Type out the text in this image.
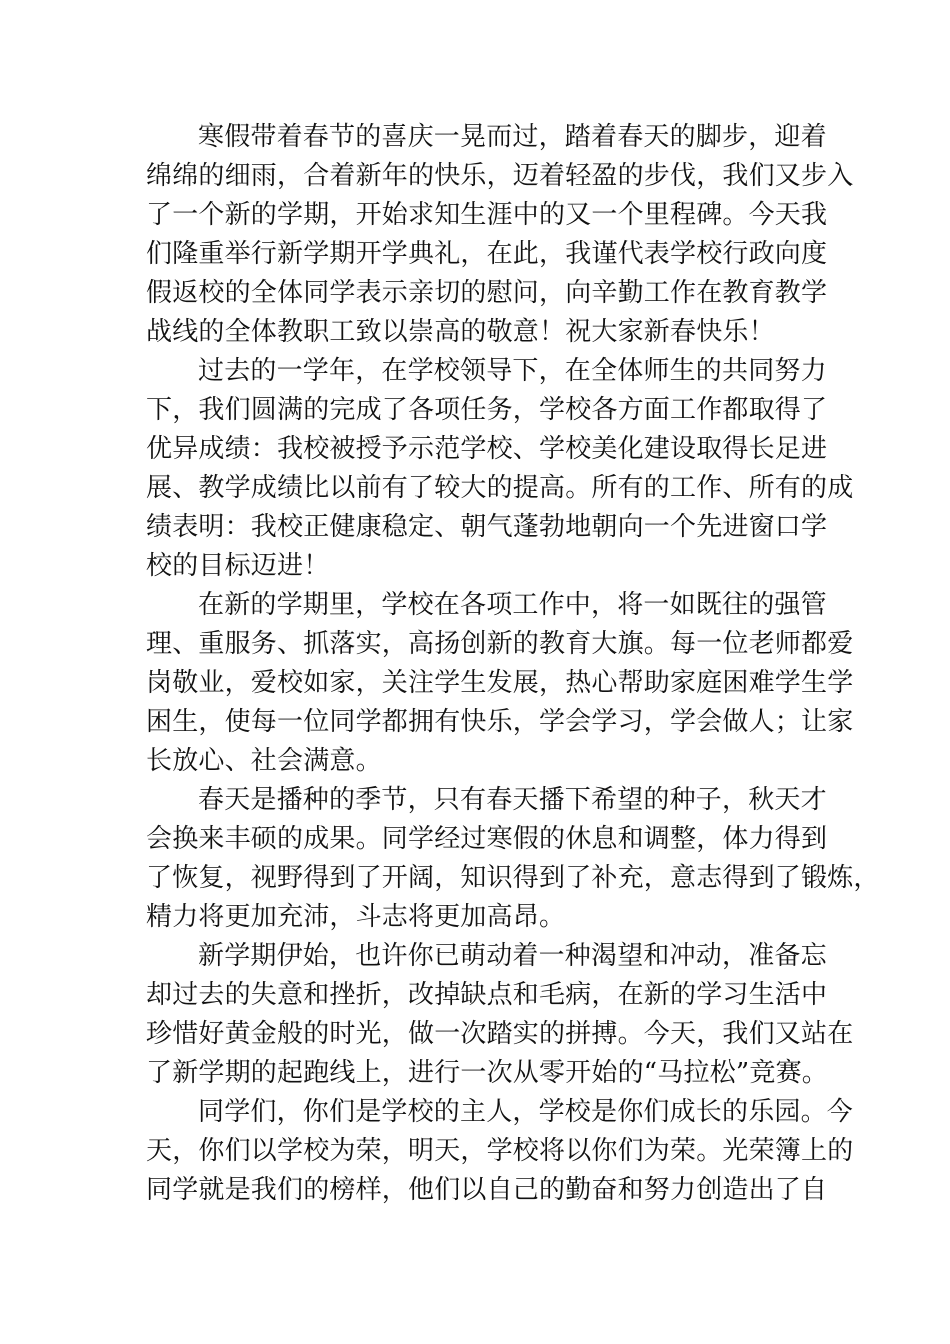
寒假带着春节的喜庆一晃而过，踏着春天的脚步，迎着
绵绵的细雨，合着新年的快乐，迈着轻盈的步伐，我们又步入
了一个新的学期，开始求知生涯中的又一个里程碑。今天我
们隆重举行新学期开学典礼，在此，我谨代表学校行政向度
假返校的全体同学表示亲切的慰问，向辛勤工作在教育教学
战线的全体教职工致以崇高的敬意！祝大家新春快乐！

过去的一学年，在学校领导下，在全体师生的共同努力
下，我们圆满的完成了各项任务，学校各方面工作都取得了
优异成绩：我校被授予示范学校、学校美化建设取得长足进
展、教学成绩比以前有了较大的提高。所有的工作、所有的成
绩表明：我校正健康稳定、朝气蓬勃地朝向一个先进窗口学
校的目标迈进！

在新的学期里，学校在各项工作中，将一如既往的强管
理、重服务、抓落实，高扬创新的教育大旗。每一位老师都爱
岗敬业，爱校如家，关注学生发展，热心帮助家庭困难学生学
困生，使每一位同学都拥有快乐，学会学习，学会做人；让家
长放心、社会满意。

春天是播种的季节，只有春天播下希望的种子，秋天才
会换来丰硕的成果。同学经过寒假的休息和调整，体力得到
了恢复，视野得到了开阔，知识得到了补充，意志得到了锻炼，
精力将更加充沛，斗志将更加高昂。

新学期伊始，也许你已萌动着一种渴望和冲动，准备忘
却过去的失意和挫折，改掉缺点和毛病，在新的学习生活中
珍惜好黄金般的时光，做一次踏实的拼搏。今天，我们又站在
了新学期的起跑线上，进行一次从零开始的“马拉松”竞赛。

同学们，你们是学校的主人，学校是你们成长的乐园。今
天，你们以学校为荣，明天，学校将以你们为荣。光荣簿上的
同学就是我们的榜样，他们以自己的勤奋和努力创造出了自
